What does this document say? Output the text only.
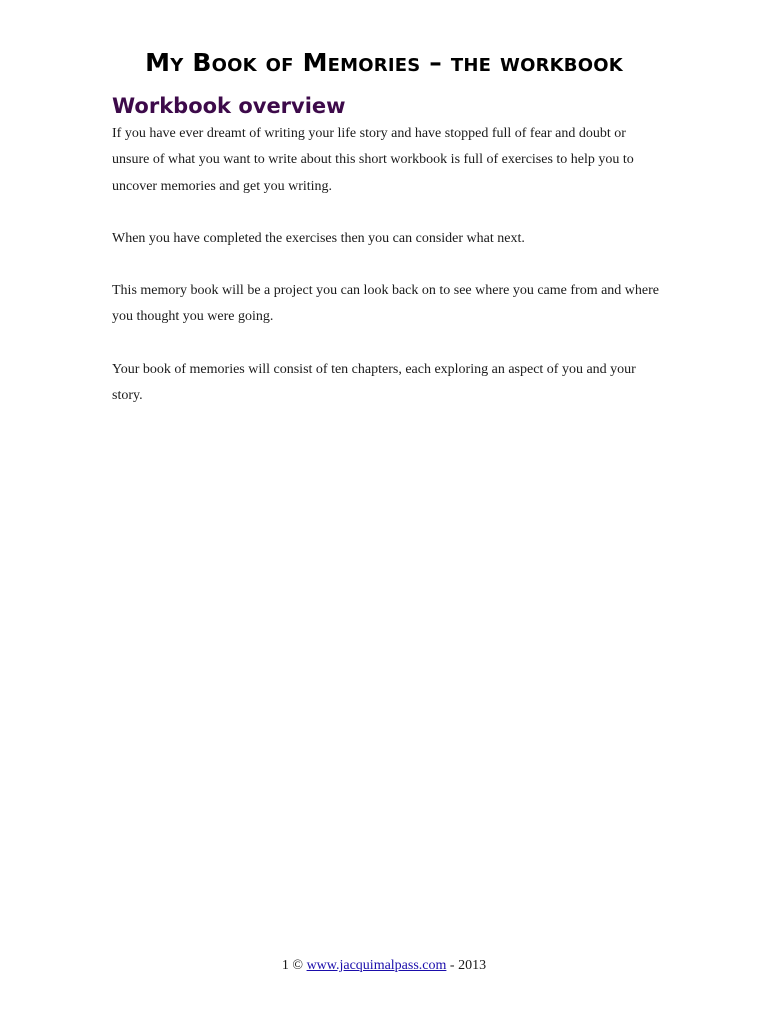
My Book of Memories – the workbook
Workbook overview

If you have ever dreamt of writing your life story and have stopped full of fear and doubt or unsure of what you want to write about this short workbook is full of exercises to help you to uncover memories and get you writing.

When you have completed the exercises then you can consider what next.

This memory book will be a project you can look back on to see where you came from and where you thought you were going.

Your book of memories will consist of ten chapters, each exploring an aspect of you and your story.

1 © www.jacquimalpass.com - 2013
